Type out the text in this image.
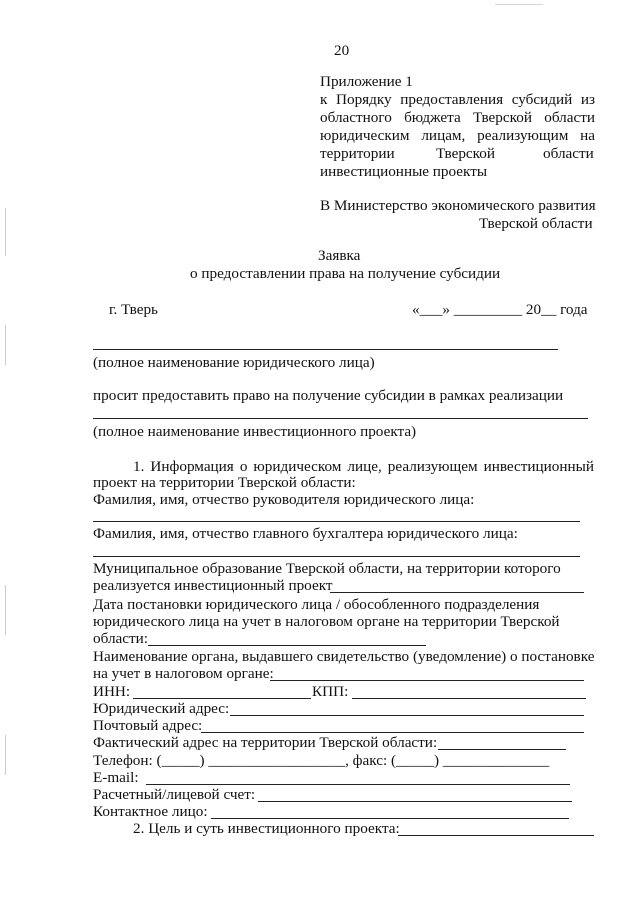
20
Приложение 1
к Порядку предоставления субсидий из
областного бюджета Тверской области
юридическим лицам, реализующим на
территории	Тверской	области
инвестиционные проекты
В Министерство экономического развития
Тверской области
Заявка
о предоставлении права на получение субсидии
г. Тверь	«___» _________ 20__ года
(полное наименование юридического лица)
просит предоставить право на получение субсидии в рамках реализации
(полное наименование инвестиционного проекта)
1. Информация о юридическом лице, реализующем инвестиционный
проект на территории Тверской области:
Фамилия, имя, отчество руководителя юридического лица:
Фамилия, имя, отчество главного бухгалтера юридического лица:
Муниципальное образование Тверской области, на территории которого
реализуется инвестиционный проект
Дата постановки юридического лица / обособленного подразделения
юридического лица на учет в налоговом органе на территории Тверской
области:
Наименование органа, выдавшего свидетельство (уведомление) о постановке
на учет в налоговом органе:
ИНН:	КПП:
Юридический адрес:
Почтовый адрес:
Фактический адрес на территории Тверской области:
Телефон: (_____) __________________, факс: (_____) ______________
E-mail:
Расчетный/лицевой счет:
Контактное лицо:
2. Цель и суть инвестиционного проекта:
